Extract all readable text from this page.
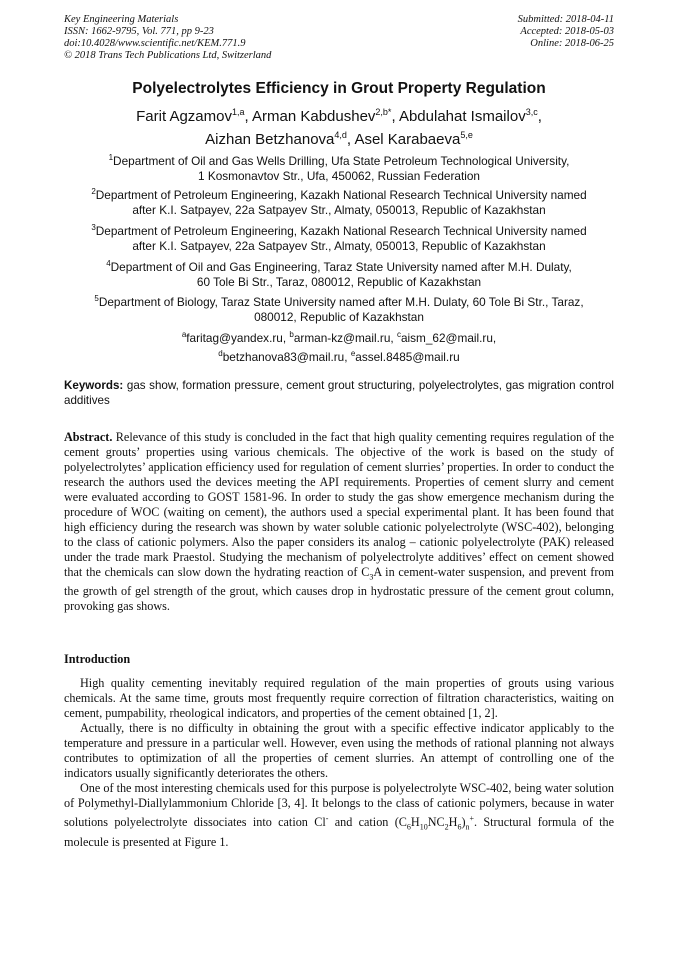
Key Engineering Materials
ISSN: 1662-9795, Vol. 771, pp 9-23
doi:10.4028/www.scientific.net/KEM.771.9
© 2018 Trans Tech Publications Ltd, Switzerland
Submitted: 2018-04-11
Accepted: 2018-05-03
Online: 2018-06-25
Polyelectrolytes Efficiency in Grout Property Regulation
Farit Agzamov$^{1,a}$, Arman Kabdushev$^{2,b*}$, Abdulahat Ismailov$^{3,c}$,
Aizhan Betzhanova$^{4,d}$, Asel Karabaeva$^{5,e}$
$^1$Department of Oil and Gas Wells Drilling, Ufa State Petroleum Technological University,
1 Kosmonavtov Str., Ufa, 450062, Russian Federation
$^2$Department of Petroleum Engineering, Kazakh National Research Technical University named
after K.I. Satpayev, 22a Satpayev Str., Almaty, 050013, Republic of Kazakhstan
$^3$Department of Petroleum Engineering, Kazakh National Research Technical University named
after K.I. Satpayev, 22a Satpayev Str., Almaty, 050013, Republic of Kazakhstan
$^4$Department of Oil and Gas Engineering, Taraz State University named after M.H. Dulaty,
60 Tole Bi Str., Taraz, 080012, Republic of Kazakhstan
$^5$Department of Biology, Taraz State University named after M.H. Dulaty, 60 Tole Bi Str., Taraz,
080012, Republic of Kazakhstan
$^a$faritag@yandex.ru, $^b$arman-kz@mail.ru, $^c$aism_62@mail.ru,
$^d$betzhanova83@mail.ru, $^e$assel.8485@mail.ru
Keywords: gas show, formation pressure, cement grout structuring, polyelectrolytes, gas migration control additives

Abstract. Relevance of this study is concluded in the fact that high quality cementing requires regulation of the cement grouts’ properties using various chemicals. The objective of the work is based on the study of polyelectrolytes’ application efficiency used for regulation of cement slurries’ properties. In order to conduct the research the authors used the devices meeting the API requirements. Properties of cement slurry and cement were evaluated according to GOST 1581-96. In order to study the gas show emergence mechanism during the procedure of WOC (waiting on cement), the authors used a special experimental plant. It has been found that high efficiency during the research was shown by water soluble cationic polyelectrolyte (WSC-402), belonging to the class of cationic polymers. Also the paper considers its analog – cationic polyelectrolyte (PAK) released under the trade mark Praestol. Studying the mechanism of polyelectrolyte additives’ effect on cement showed that the chemicals can slow down the hydrating reaction of $C_3A$ in cement-water suspension, and prevent from the growth of gel strength of the grout, which causes drop in hydrostatic pressure of the cement grout column, provoking gas shows.

Introduction

High quality cementing inevitably required regulation of the main properties of grouts using various chemicals. At the same time, grouts most frequently require correction of filtration characteristics, waiting on cement, pumpability, rheological indicators, and properties of the cement obtained [1, 2].

Actually, there is no difficulty in obtaining the grout with a specific effective indicator applicably to the temperature and pressure in a particular well. However, even using the methods of rational planning not always contributes to optimization of all the properties of cement slurries. An attempt of controlling one of the indicators usually significantly deteriorates the others.

One of the most interesting chemicals used for this purpose is polyelectrolyte WSC-402, being water solution of Polymethyl-Diallylammonium Chloride [3, 4]. It belongs to the class of cationic polymers, because in water solutions polyelectrolyte dissociates into cation Cl- and cation $(C_6H_{10}NC_2H_6)_n^+$. Structural formula of the molecule is presented at Figure 1.
